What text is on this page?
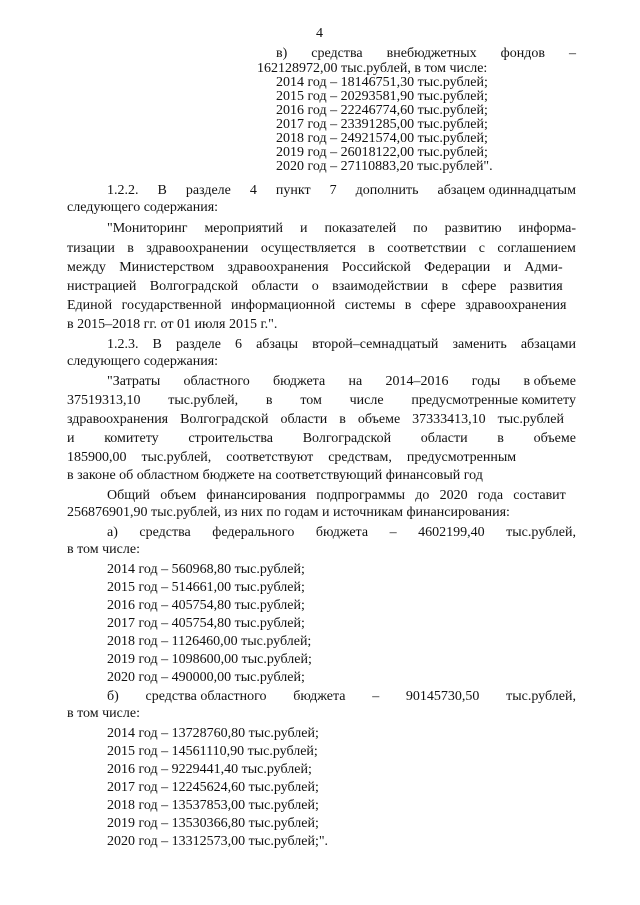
4
в) средства внебюджетных фондов –
162128972,00 тыс.рублей, в том числе:
2014 год – 18146751,30 тыс.рублей;
2015 год – 20293581,90 тыс.рублей;
2016 год – 22246774,60 тыс.рублей;
2017 год – 23391285,00 тыс.рублей;
2018 год – 24921574,00 тыс.рублей;
2019 год – 26018122,00 тыс.рублей;
2020 год – 27110883,20 тыс.рублей".
1.2.2. В разделе 4 пункт 7 дополнить абзацем одиннадцатым
следующего содержания:
"Мониторинг мероприятий и показателей по развитию информа-
тизации в здравоохранении осуществляется в соответствии с соглашением
между Министерством здравоохранения Российской Федерации и Адми-
нистрацией Волгоградской области о взаимодействии в сфере развития
Единой государственной информационной системы в сфере здравоохранения
в 2015–2018 гг. от 01 июля 2015 г.".
1.2.3. В разделе 6 абзацы второй–семнадцатый заменить абзацами
следующего содержания:
"Затраты областного бюджета на 2014–2016 годы в объеме
37519313,10 тыс.рублей, в том числе предусмотренные комитету
здравоохранения Волгоградской области в объеме 37333413,10 тыс.рублей
и комитету строительства Волгоградской области в объеме
185900,00 тыс.рублей, соответствуют средствам, предусмотренным
в законе об областном бюджете на соответствующий финансовый год
Общий объем финансирования подпрограммы до 2020 года составит
256876901,90 тыс.рублей, из них по годам и источникам финансирования:
а) средства федерального бюджета – 4602199,40 тыс.рублей,
в том числе:
2014 год – 560968,80 тыс.рублей;
2015 год – 514661,00 тыс.рублей;
2016 год – 405754,80 тыс.рублей;
2017 год – 405754,80 тыс.рублей;
2018 год – 1126460,00 тыс.рублей;
2019 год – 1098600,00 тыс.рублей;
2020 год – 490000,00 тыс.рублей;
б) средства областного бюджета – 90145730,50 тыс.рублей,
в том числе:
2014 год – 13728760,80 тыс.рублей;
2015 год – 14561110,90 тыс.рублей;
2016 год – 9229441,40 тыс.рублей;
2017 год – 12245624,60 тыс.рублей;
2018 год – 13537853,00 тыс.рублей;
2019 год – 13530366,80 тыс.рублей;
2020 год – 13312573,00 тыс.рублей;".
